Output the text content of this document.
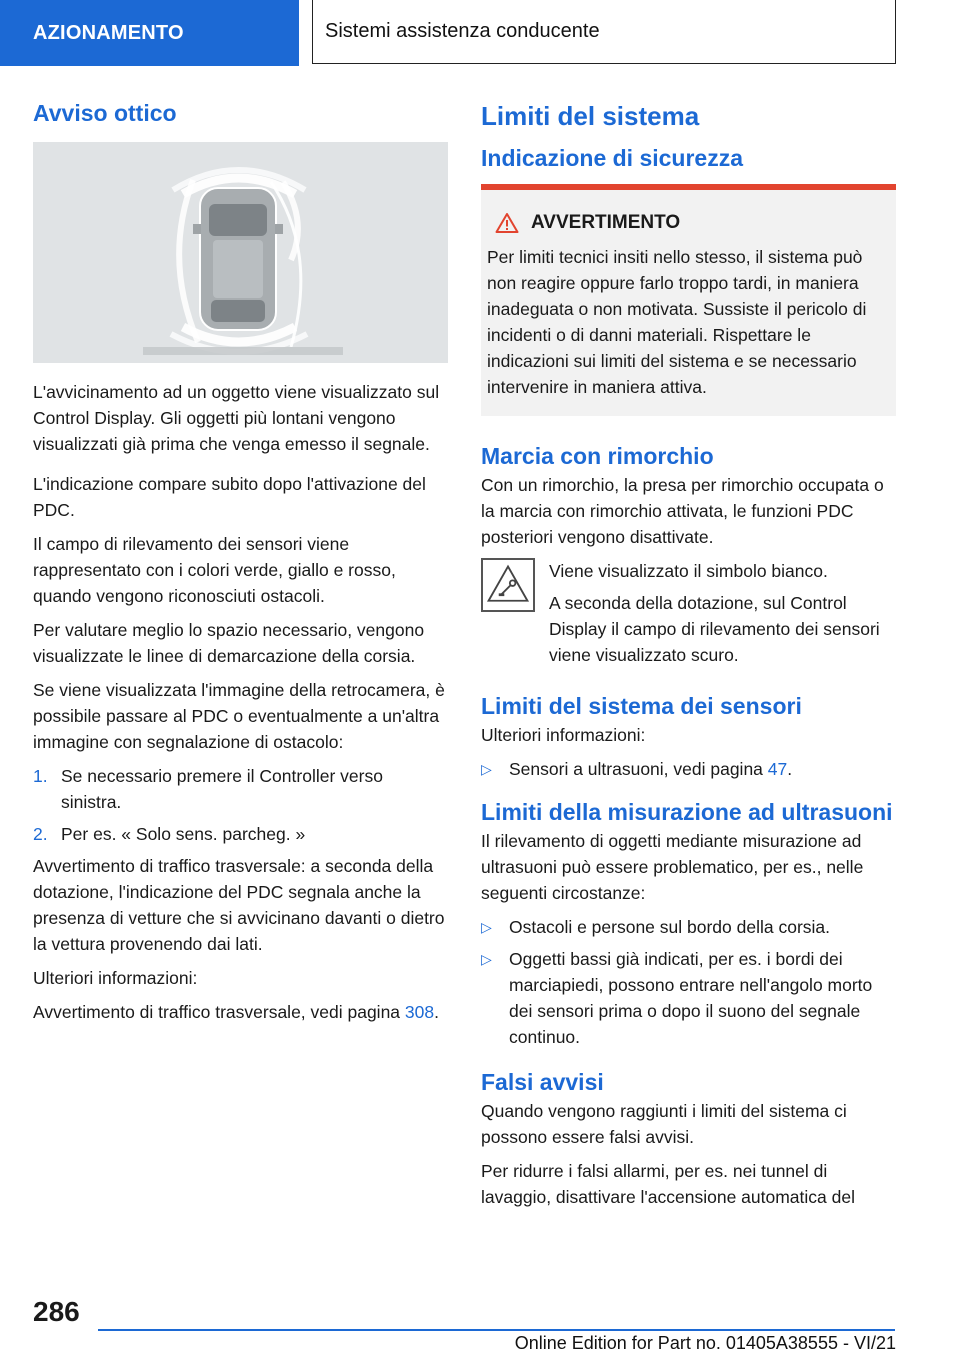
AZIONAMENTO	Sistemi assistenza conducente
Avviso ottico

L'avvicinamento ad un oggetto viene visualizzato sul Control Display. Gli oggetti più lontani vengono visualizzati già prima che venga emesso il segnale.

L'indicazione compare subito dopo l'attivazione del PDC.

Il campo di rilevamento dei sensori viene rappresentato con i colori verde, giallo e rosso, quando vengono riconosciuti ostacoli.

Per valutare meglio lo spazio necessario, vengono visualizzate le linee di demarcazione della corsia.

Se viene visualizzata l'immagine della retrocamera, è possibile passare al PDC o eventualmente a un'altra immagine con segnalazione di ostacolo:

1. Se necessario premere il Controller verso sinistra.
2. Per es. « Solo sens. parcheg. »

Avvertimento di traffico trasversale: a seconda della dotazione, l'indicazione del PDC segnala anche la presenza di vetture che si avvicinano davanti o dietro la vettura provenendo dai lati.

Ulteriori informazioni:

Avvertimento di traffico trasversale, vedi pagina 308.

Limiti del sistema
Indicazione di sicurezza
AVVERTIMENTO
Per limiti tecnici insiti nello stesso, il sistema può non reagire oppure farlo troppo tardi, in maniera inadeguata o non motivata. Sussiste il pericolo di incidenti o di danni materiali. Rispettare le indicazioni sui limiti del sistema e se necessario intervenire in maniera attiva.
Marcia con rimorchio

Con un rimorchio, la presa per rimorchio occupata o la marcia con rimorchio attivata, le funzioni PDC posteriori vengono disattivate.

Viene visualizzato il simbolo bianco.

A seconda della dotazione, sul Control Display il campo di rilevamento dei sensori viene visualizzato scuro.

Limiti del sistema dei sensori

Ulteriori informazioni:

▷ Sensori a ultrasuoni, vedi pagina 47.
Limiti della misurazione ad ultrasuoni

Il rilevamento di oggetti mediante misurazione ad ultrasuoni può essere problematico, per es., nelle seguenti circostanze:

▷ Ostacoli e persone sul bordo della corsia.
▷ Oggetti bassi già indicati, per es. i bordi dei marciapiedi, possono entrare nell'angolo morto dei sensori prima o dopo il suono del segnale continuo.
Falsi avvisi

Quando vengono raggiunti i limiti del sistema ci possono essere falsi avvisi.

Per ridurre i falsi allarmi, per es. nei tunnel di lavaggio, disattivare l'accensione automatica del

286
Online Edition for Part no. 01405A38555 - VI/21
